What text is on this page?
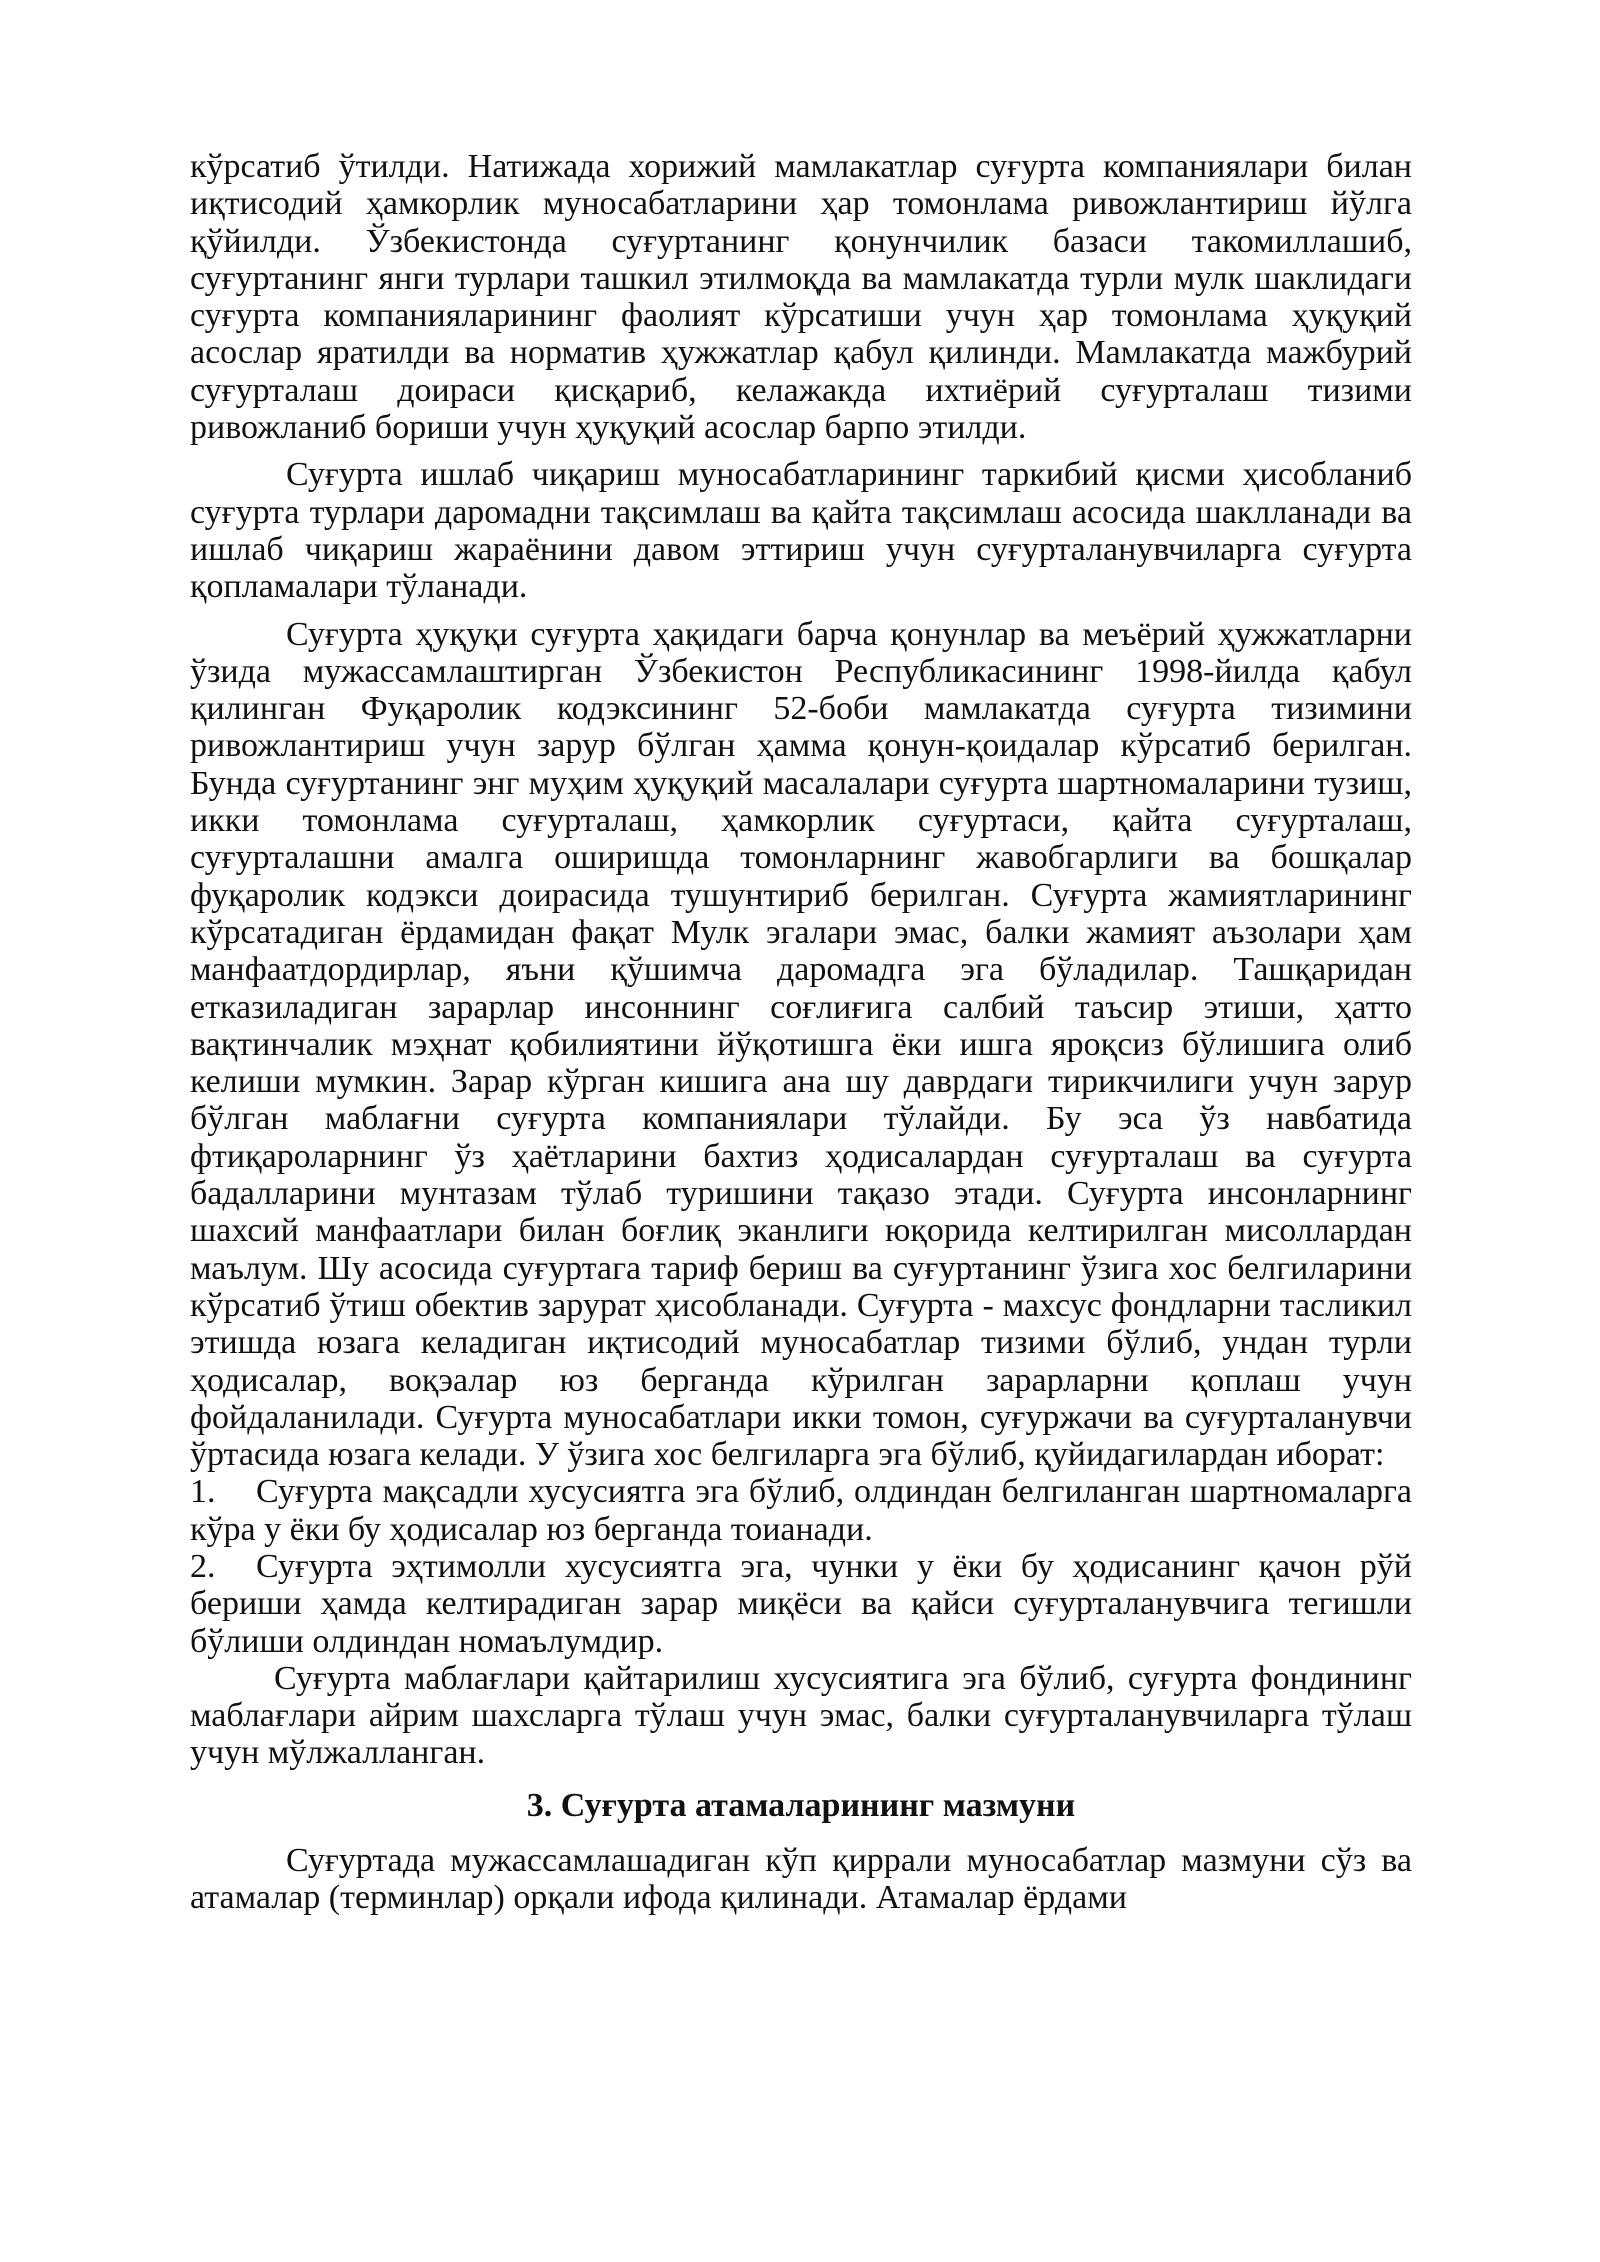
кўрсатиб ўтилди. Натижада хорижий мамлакатлар суғурта компаниялари билан иқтисодий ҳамкорлик муносабатларини ҳар томонлама ривожлантириш йўлга қўйилди. Ўзбекистонда суғуртанинг қонунчилик базаси такомиллашиб, суғуртанинг янги турлари ташкил этилмоқда ва мамлакатда турли мулк шаклидаги суғурта компанияларининг фаолият кўрсатиши учун ҳар томонлама ҳуқуқий асослар яратилди ва норматив ҳужжатлар қабул қилинди. Мамлакатда мажбурий суғурталаш доираси қисқариб, келажакда ихтиёрий суғурталаш тизими ривожланиб бориши учун ҳуқуқий асослар барпо этилди.

Суғурта ишлаб чиқариш муносабатларининг таркибий қисми ҳисобланиб суғурта турлари даромадни тақсимлаш ва қайта тақсимлаш асосида шаклланади ва ишлаб чиқариш жараёнини давом эттириш учун суғурталанувчиларга суғурта қопламалари тўланади.

Суғурта ҳуқуқи суғурта ҳақидаги барча қонунлар ва меъёрий ҳужжатларни ўзида мужассамлаштирган Ўзбекистон Республикасининг 1998-йилда қабул қилинган Фуқаролик кодэксининг 52-боби мамлакатда суғурта тизимини ривожлантириш учун зарур бўлган ҳамма қонун-қоидалар кўрсатиб берилган. Бунда суғуртанинг энг муҳим ҳуқуқий масалалари суғурта шартномаларини тузиш, икки томонлама суғурталаш, ҳамкорлик суғуртаси, қайта суғурталаш, суғурталашни амалга оширишда томонларнинг жавобгарлиги ва бошқалар фуқаролик кодэкси доирасида тушунтириб берилган. Суғурта жамиятларининг кўрсатадиган ёрдамидан фақат Мулк эгалари эмас, балки жамият аъзолари ҳам манфаатдордирлар, яъни қўшимча даромадга эга бўладилар. Ташқаридан етказиладиган зарарлар инсоннинг соғлиғига салбий таъсир этиши, ҳатто вақтинчалик мэҳнат қобилиятини йўқотишга ёки ишга яроқсиз бўлишига олиб келиши мумкин. Зарар кўрган кишига ана шу даврдаги тирикчилиги учун зарур бўлган маблағни суғурта компаниялари тўлайди. Бу эса ўз навбатида фтиқароларнинг ўз ҳаётларини бахтиз ҳодисалардан суғурталаш ва суғурта бадалларини мунтазам тўлаб туришини тақазо этади. Суғурта инсонларнинг шахсий манфаатлари билан боғлиқ эканлиги юқорида келтирилган мисоллардан маълум. Шу асосида суғуртага тариф бериш ва суғуртанинг ўзига хос белгиларини кўрсатиб ўтиш обектив зарурат ҳисобланади. Суғурта - махсус фондларни тасликил этишда юзага келадиган иқтисодий муносабатлар тизими бўлиб, ундан турли ҳодисалар, воқэалар юз берганда кўрилган зарарларни қоплаш учун фойдаланилади. Суғурта муносабатлари икки томон, суғуржачи ва суғурталанувчи ўртасида юзага келади. У ўзига хос белгиларга эга бўлиб, қуйидагилардан иборат:

1. Суғурта мақсадли хусусиятга эга бўлиб, олдиндан белгиланган шартномаларга кўра у ёки бу ҳодисалар юз берганда тоианади.

2. Суғурта эҳтимолли хусусиятга эга, чунки у ёки бу ҳодисанинг қачон рўй бериши ҳамда келтирадиган зарар миқёси ва қайси суғурталанувчига тегишли бўлиши олдиндан номаълумдир.

Суғурта маблағлари қайтарилиш хусусиятига эга бўлиб, суғурта фондининг маблағлари айрим шахсларга тўлаш учун эмас, балки суғурталанувчиларга тўлаш учун мўлжалланган.

3. Суғурта атамаларининг мазмуни

Суғуртада мужассамлашадиган кўп қиррали муносабатлар мазмуни сўз ва атамалар (терминлар) орқали ифода қилинади. Атамалар ёрдами
